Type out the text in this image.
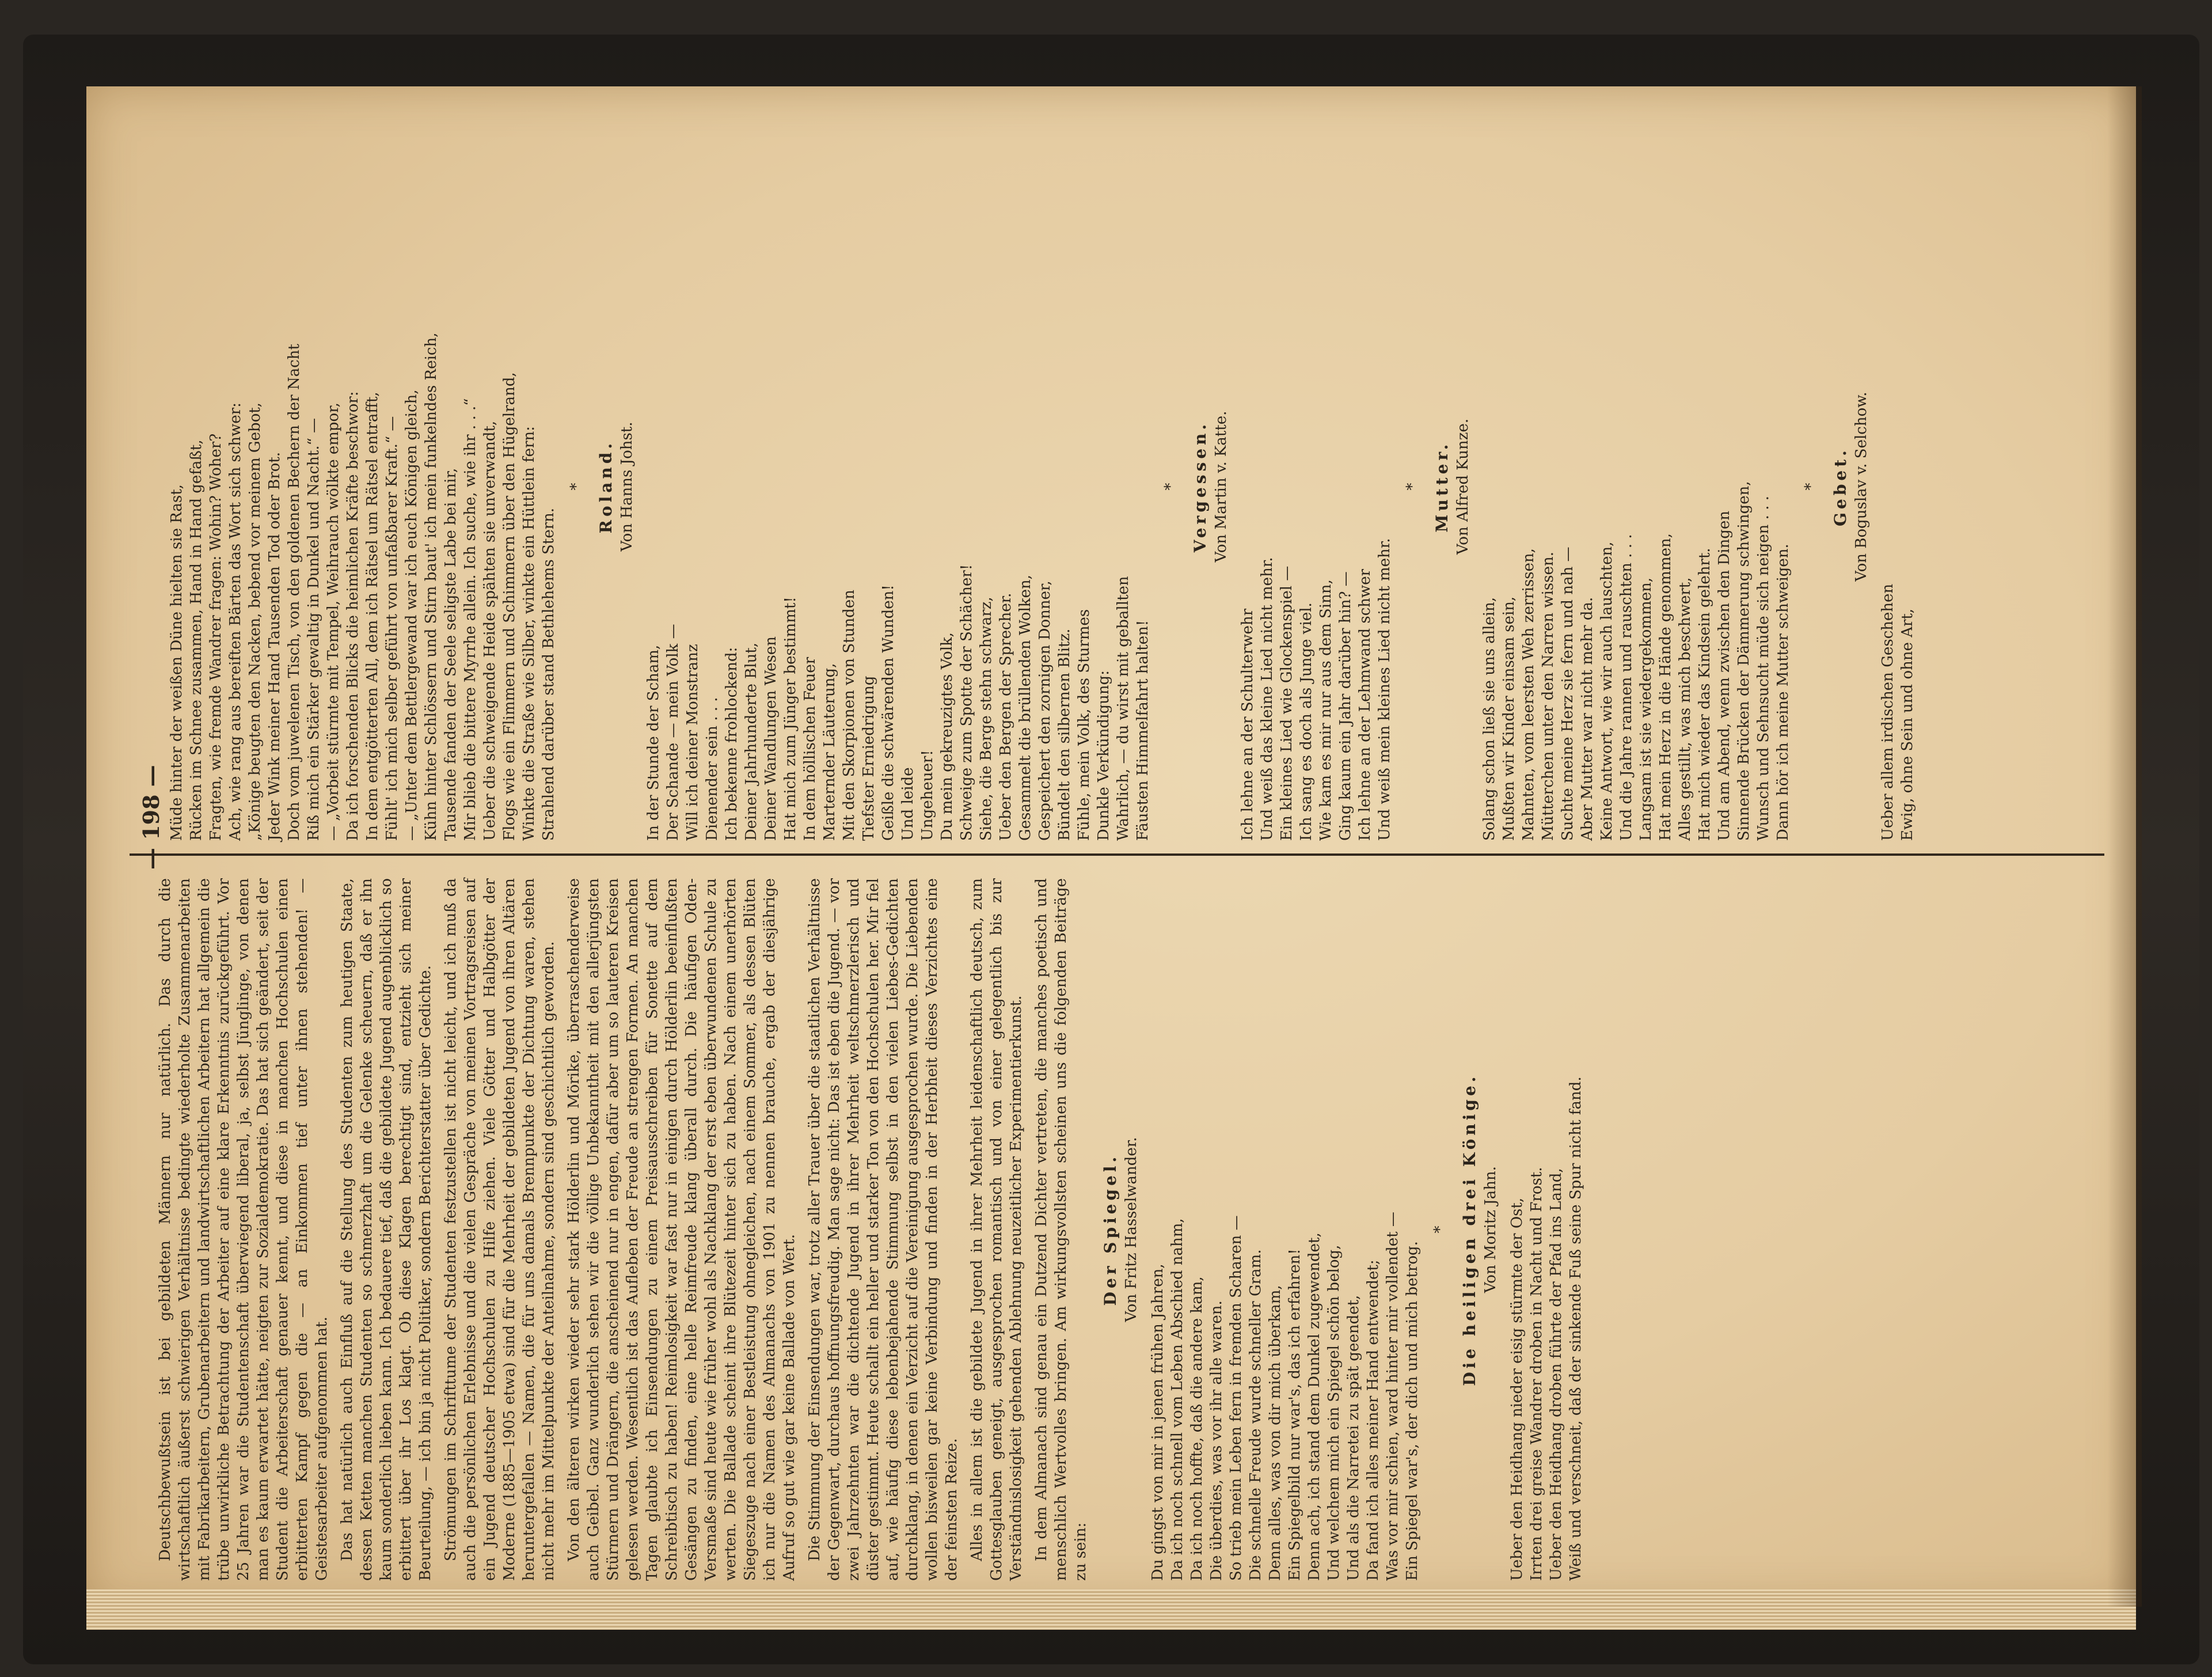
— 198 —

Deutschbewußtsein ist bei gebildeten Männern nur natürlich. Das durch die wirtschaftlich äußerst schwierigen Verhältnisse bedingte wiederholte Zusammenarbeiten mit Fabrikarbeitern, Grubenarbeitern und landwirtschaftlichen Arbeitern hat allgemein die trübe unwirkliche Betrachtung der Arbeiter auf eine klare Erkenntnis zurückgeführt. Vor 25 Jahren war die Studentenschaft überwiegend liberal, ja, selbst Jünglinge, von denen man es kaum erwartet hätte, neigten zur Sozialdemokratie. Das hat sich geändert, seit der Student die Arbeiterschaft genauer kennt, und diese in manchen Hochschulen einen erbitterten Kampf gegen die — an Einkommen tief unter ihnen stehenden! — Geistesarbeiter aufgenommen hat. Das hat natürlich auch Einfluß auf die Stellung des Studenten zum heutigen Staate, dessen Ketten manchen Studenten so schmerzhaft um die Gelenke scheuern, daß er ihn kaum sonderlich lieben kann. Ich bedauere tief, daß die gebildete Jugend augenblicklich so erbittert über ihr Los klagt. Ob diese Klagen berechtigt sind, entzieht sich meiner Beurteilung, — ich bin ja nicht Politiker, sondern Berichterstatter über Gedichte. Strömungen im Schrifttume der Studenten festzustellen ist nicht leicht, und ich muß da auch die persönlichen Erlebnisse und die vielen Gespräche von meinen Vortragsreisen auf ein Jugend deutscher Hochschulen zu Hilfe ziehen. Viele Götter und Halbgötter der Moderne (1885—1905 etwa) sind für die Mehrheit der gebildeten Jugend von ihren Altären heruntergefallen — Namen, die für uns damals Brennpunkte der Dichtung waren, stehen nicht mehr im Mittelpunkte der Anteilnahme, sondern sind geschichtlich geworden. Von den älteren wirken wieder sehr stark Hölderlin und Mörike, überraschenderweise auch Geibel. Ganz wunderlich sehen wir die völlige Unbekanntheit mit den allerjüngsten Stürmern und Drängern, die anscheinend nur in engen, dafür aber um so lauteren Kreisen gelesen werden. Wesentlich ist das Aufleben der Freude an strengen Formen. An manchen Tagen glaubte ich Einsendungen zu einem Preisausschreiben für Sonette auf dem Schreibtisch zu haben! Reimlosigkeit war fast nur in einigen durch Hölderlin beeinflußten Gesängen zu finden, eine helle Reimfreude klang überall durch. Die häufigen Oden-Versmaße sind heute wie früher wohl als Nachklang der erst eben überwundenen Schule zu werten. Die Ballade scheint ihre Blütezeit hinter sich zu haben. Nach einem unerhörten Siegeszuge nach einer Bestleistung ohnegleichen, nach einem Sommer, als dessen Blüten ich nur die Namen des Almanachs von 1901 zu nennen brauche, ergab der diesjährige Aufruf so gut wie gar keine Ballade von Wert. Die Stimmung der Einsendungen war, trotz aller Trauer über die staatlichen Verhältnisse der Gegenwart, durchaus hoffnungsfreudig. Man sage nicht: Das ist eben die Jugend. — vor zwei Jahrzehnten war die dichtende Jugend in ihrer Mehrheit weltschmerzlerisch und düster gestimmt. Heute schallt ein heller und starker Ton von den Hochschulen her. Mir fiel auf, wie häufig diese lebenbejahende Stimmung selbst in den vielen Liebes-Gedichten durchklang, in denen ein Verzicht auf die Vereinigung ausgesprochen wurde. Die Liebenden wollen bisweilen gar keine Verbindung und finden in der Herbheit dieses Verzichtes eine der feinsten Reize. Alles in allem ist die gebildete Jugend in ihrer Mehrheit leidenschaftlich deutsch, zum Gottesglauben geneigt, ausgesprochen romantisch und von einer gelegentlich bis zur Verständnislosigkeit gehenden Ablehnung neuzeitlicher Experimentierkunst. In dem Almanach sind genau ein Dutzend Dichter vertreten, die manches poetisch und menschlich Wertvolles bringen. Am wirkungsvollsten scheinen uns die folgenden Beiträge zu sein:

Der Spiegel. Von Fritz Hasselwander.
Du gingst von mir in jenen frühen Jahren, Da ich noch schnell vom Leben Abschied nahm, Da ich noch hoffte, daß die andere kam, Die überdies, was vor ihr alle waren. So trieb mein Leben fern in fremden Scharen — Die schnelle Freude wurde schneller Gram. Denn alles, was von dir mich überkam, Ein Spiegelbild nur war's, das ich erfahren! Denn ach, ich stand dem Dunkel zugewendet, Und welchem mich ein Spiegel schön belog, Und als die Narretei zu spät geendet, Da fand ich alles meiner Hand entwendet; Was vor mir schien, ward hinter mir vollendet — Ein Spiegel war's, der dich und mich betrog.
* Die heiligen drei Könige. Von Moritz Jahn. Ueber den Heidhang nieder eisig stürmte der Ost, Irrten drei greise Wandrer droben in Nacht und Frost. Ueber den Heidhang droben führte der Pfad ins Land, Weiß und verschneit, daß der sinkende Fuß seine Spur nicht fand.
Müde hinter der weißen Düne hielten sie Rast, Rücken im Schnee zusammen, Hand in Hand gefaßt, Fragten, wie fremde Wandrer fragen: Wohin? Woher? Ach, wie rang aus bereiften Bärten das Wort sich schwer: „Könige beugten den Nacken, bebend vor meinem Gebot, Jeder Wink meiner Hand Tausenden Tod oder Brot. Doch vom juwelenen Tisch, von den goldenen Bechern der Nacht Riß mich ein Stärker gewaltig in Dunkel und Nacht.“ — — „Vorbeit stürmte mit Tempel, Weihrauch wölkte empor, Da ich forschenden Blicks die heimlichen Kräfte beschwor: In dem entgötterten All, dem ich Rätsel um Rätsel entrafft, Fühlt' ich mich selber geführt von unfaßbarer Kraft.“ — — „Unter dem Bettlergewand war ich euch Königen gleich, Kühn hinter Schlössern und Stirn baut' ich mein funkelndes Reich, Tausende fanden der Seele seligste Labe bei mir, Mir blieb die bittere Myrrhe allein. Ich suche, wie ihr . . .“ Ueber die schweigende Heide spähten sie unverwandt, Flogs wie ein Flimmern und Schimmern über den Hügelrand, Winkte die Straße wie Silber, winkte ein Hüttlein fern: Strahlend darüber stand Bethlehems Stern.
* Roland. Von Hanns Johst.
In der Stunde der Scham, Der Schande — mein Volk — Will ich deiner Monstranz Dienender sein . . . Ich bekenne frohlockend: Deiner Jahrhunderte Blut, Deiner Wandlungen Wesen Hat mich zum Jünger bestimmt! In dem höllischen Feuer Marternder Läuterung, Mit den Skorpionen von Stunden Tiefster Erniedrigung Geißle die schwärenden Wunden! Und leide Ungeheuer! Du mein gekreuzigtes Volk, Schweige zum Spotte der Schächer! Siehe, die Berge stehn schwarz, Ueber den Bergen der Sprecher. Gesammelt die brüllenden Wolken, Gespeichert den zornigen Donner, Bündelt den silbernen Blitz. Fühle, mein Volk, des Sturmes Dunkle Verkündigung: Wahrlich, — du wirst mit geballten Fäusten Himmelfahrt halten!
* Vergessen. Von Martin v. Katte.
Ich lehne an der Schulterwehr Und weiß das kleine Lied nicht mehr. Ein kleines Lied wie Glockenspiel — Ich sang es doch als Junge viel. Wie kam es mir nur aus dem Sinn, Ging kaum ein Jahr darüber hin? — Ich lehne an der Lehmwand schwer Und weiß mein kleines Lied nicht mehr.
* Mutter. Von Alfred Kunze.
Solang schon ließ sie uns allein, Mußten wir Kinder einsam sein, Mahnten, vom leersten Weh zerrissen, Mütterchen unter den Narren wissen. Suchte meine Herz sie fern und nah — Aber Mutter war nicht mehr da. Keine Antwort, wie wir auch lauschten, Und die Jahre rannen und rauschten . . . Langsam ist sie wiedergekommen, Hat mein Herz in die Hände genommen, Alles gestillt, was mich beschwert, Hat mich wieder das Kindsein gelehrt. Und am Abend, wenn zwischen den Dingen Sinnende Brücken der Dämmerung schwingen, Wunsch und Sehnsucht müde sich neigen . . . Dann hör ich meine Mutter schweigen.
* Gebet. Von Boguslav v. Selchow.
Ueber allem irdischen Geschehen Ewig, ohne Sein und ohne Art,
